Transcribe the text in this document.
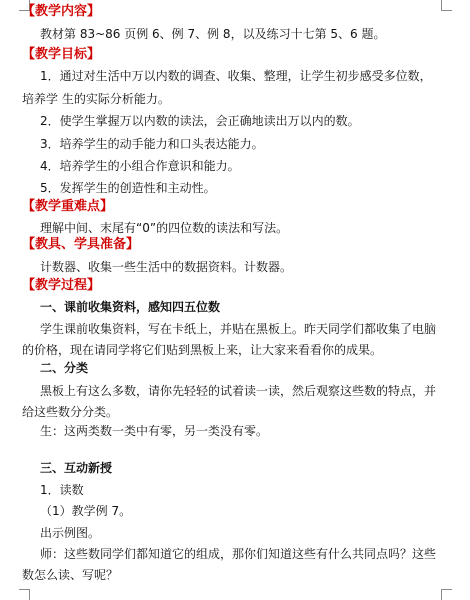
【教学内容】
教材第 83~86 页例 6、例 7、例 8，以及练习十七第 5、6 题。
【教学目标】
1．通过对生活中万以内数的调查、收集、整理，让学生初步感受多位数，
培养学 生的实际分析能力。
2．使学生掌握万以内数的读法，会正确地读出万以内的数。
3．培养学生的动手能力和口头表达能力。
4．培养学生的小组合作意识和能力。
5．发挥学生的创造性和主动性。
【教学重难点】
理解中间、末尾有“0”的四位数的读法和写法。
【教具、学具准备】
计数器、收集一些生活中的数据资料。计数器。
【教学过程】
一、课前收集资料，感知四五位数
学生课前收集资料，写在卡纸上，并贴在黑板上。昨天同学们都收集了电脑
的价格，现在请同学将它们贴到黑板上来，让大家来看看你的成果。
二、分类
黑板上有这么多数，请你先轻轻的试着读一读，然后观察这些数的特点，并
给这些数分分类。
生：这两类数一类中有零，另一类没有零。
三、互动新授
1．读数
（1）教学例 7。
出示例图。
师：这些数同学们都知道它的组成，那你们知道这些有什么共同点吗？这些
数怎么读、写呢？
